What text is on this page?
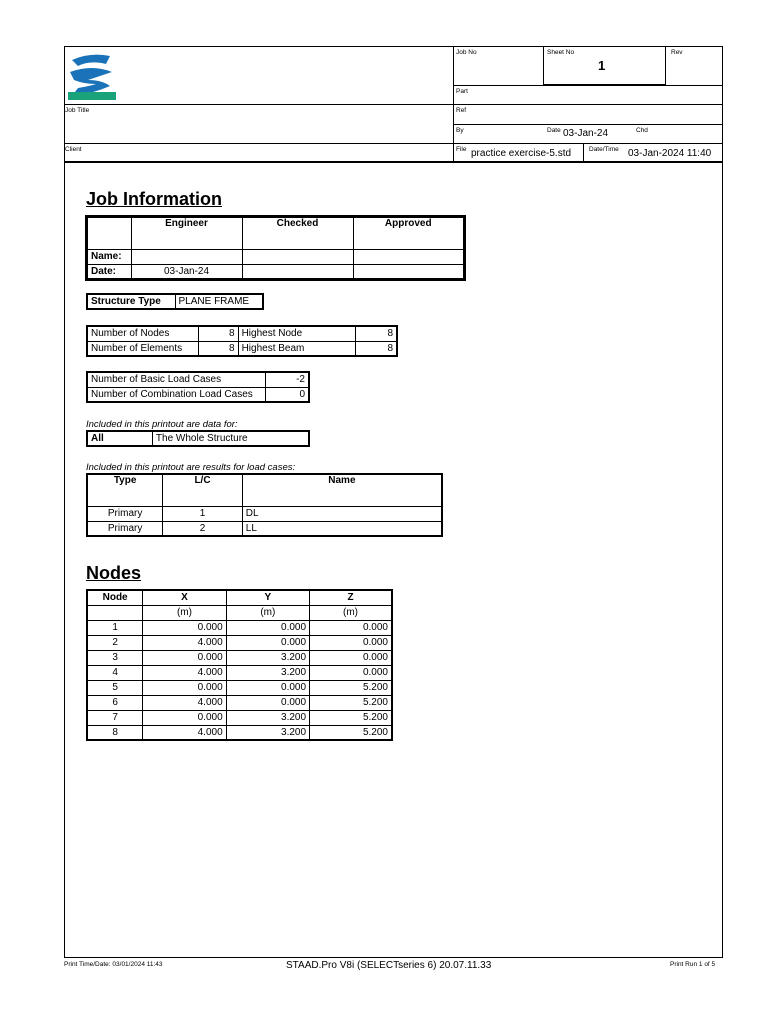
Job No	Sheet No
1
Rev
Part
Job Title	Ref
By	Date 03-Jan-24	Chd
Client	File practice exercise-5.std	Date/Time 03-Jan-2024 11:40
Job Information
	Engineer	Checked	Approved
Name:			
Date:	03-Jan-24		
Structure Type	PLANE FRAME
Number of Nodes	8	Highest Node	8
Number of Elements	8	Highest Beam	8
Number of Basic Load Cases	-2
Number of Combination Load Cases	0
Included in this printout are data for:
All	The Whole Structure
Included in this printout are results for load cases:
Type	L/C	Name
Primary	1	DL
Primary	2	LL
Nodes
Node	X	Y	Z
	(m)	(m)	(m)
1	0.000	0.000	0.000
2	4.000	0.000	0.000
3	0.000	3.200	0.000
4	4.000	3.200	0.000
5	0.000	0.000	5.200
6	4.000	0.000	5.200
7	0.000	3.200	5.200
8	4.000	3.200	5.200
Print Time/Date: 03/01/2024 11:43	STAAD.Pro V8i (SELECTseries 6) 20.07.11.33	Print Run 1 of 5
